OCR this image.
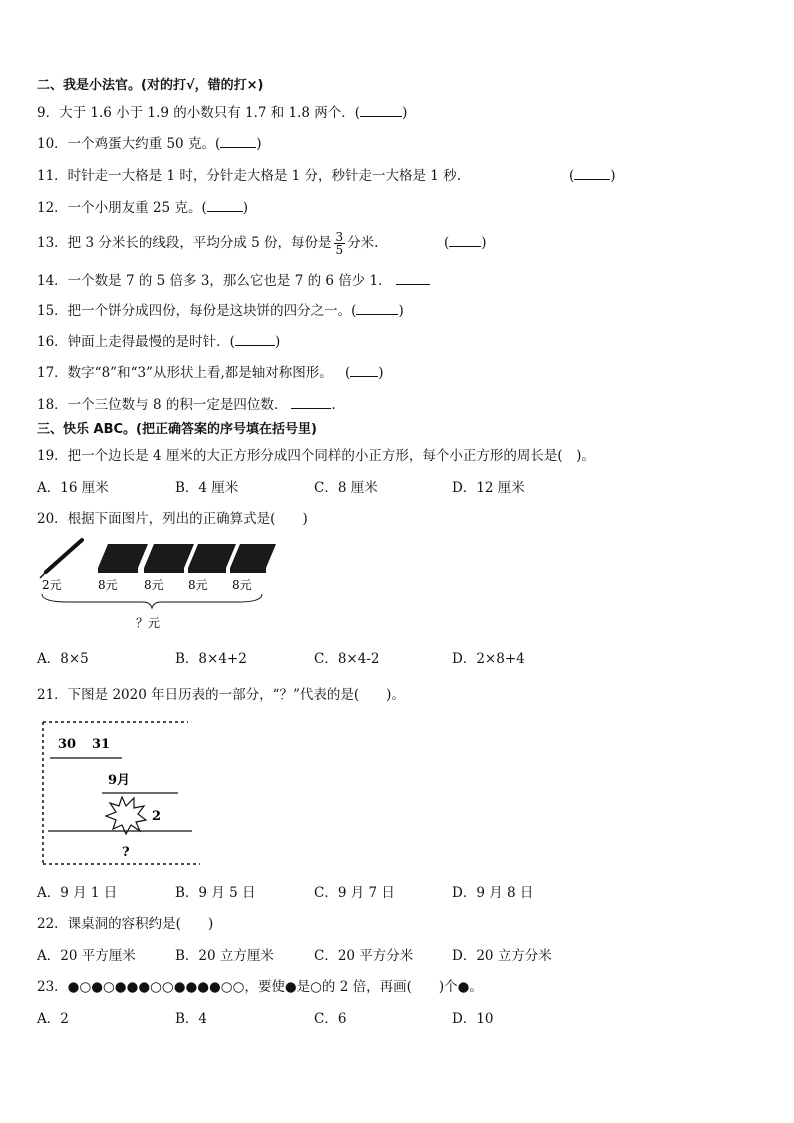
二、我是小法官。(对的打√，错的打×)
9．大于 1.6 小于 1.9 的小数只有 1.7 和 1.8 两个．(	)
10．一个鸡蛋大约重 50 克。(	)
11．时针走一大格是 1 时，分针走大格是 1 分，秒针走一大格是 1 秒.	(	)
12．一个小朋友重 25 克。(	)
13．把 3 分米长的线段，平均分成 5 份，每份是 $\frac{3}{5}$ 分米.	( )
14．一个数是 7 的 5 倍多 3，那么它也是 7 的 6 倍少 1．
15．把一个饼分成四份，每份是这块饼的四分之一。(	)
16．钟面上走得最慢的是时针．(	)
17．数字“8”和“3”从形状上看,都是轴对称图形。 ( )
18．一个三位数与 8 的积一定是四位数．	.
三、快乐 ABC。(把正确答案的序号填在括号里)
19．把一个边长是 4 厘米的大正方形分成四个同样的小正方形，每个小正方形的周长是(　)。
A．16 厘米	B．4 厘米	C．8 厘米	D．12 厘米
20．根据下面图片，列出的正确算式是(　　)
2元	8元 8元 8元 8元
？元
A．8×5	B．8×4+2	C．8×4-2	D．2×8+4
21．下图是 2020 年日历表的一部分，“？”代表的是(　　)。
30 31
9月
2
?
A．9 月 1 日	B．9 月 5 日	C．9 月 7 日	D．9 月 8 日
22．课桌洞的容积约是(　　)
A．20 平方厘米	B．20 立方厘米	C．20 平方分米	D．20 立方分米
23．●○●○●●●○○●●●●○○，要使●是○的 2 倍，再画(　　)个●。
A．2	B．4	C．6	D．10
